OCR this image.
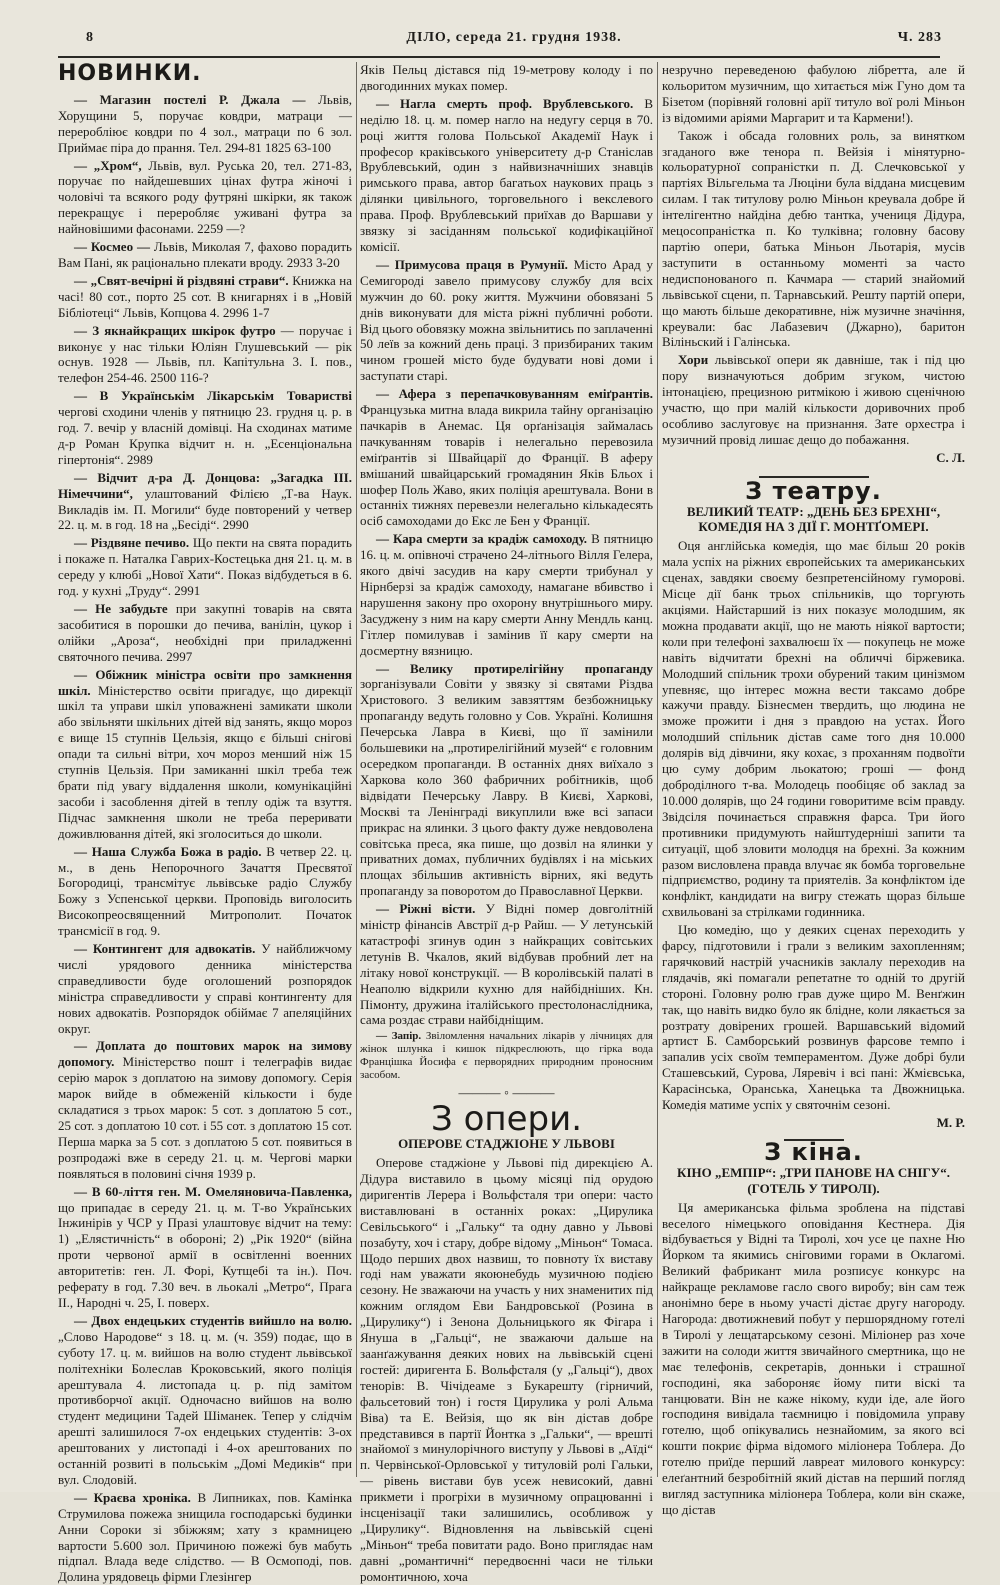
8	ДІЛО, середа 21. грудня 1938.	Ч. 283
НОВИНКИ.

— Магазин постелі Р. Джала — Львів, Хорущини 5, поручає ковдри, матраци — переробліює ковдри по 4 зол., матраци по 6 зол. Приймає піра до прання. Тел. 294-81 1825 63-100

— „Хром“, Львів, вул. Руська 20, тел. 271-83, поручає по найдешевших цінах футра жіночі і чоловічі та всякого роду футряні шкірки, як також перекращує і переробляє уживані футра за найновішими фасонами. 2259 —?

— Космео — Львів, Миколая 7, фахово порадить Вам Пані, як раціонально плекати вроду. 2933 3-20

— „Свят-вечірні й різдвяні страви“. Книжка на часі! 80 сот., порто 25 сот. В книгарнях і в „Новій Бібліотеці“ Львів, Копцова 4. 2996 1-7

— З якнайкращих шкірок футро — поручає і виконує у нас тільки Юліян Глушевський — рік оснув. 1928 — Львів, пл. Капітульна 3. І. пов., телефон 254-46. 2500 116-?

— В Українськім Лікарськім Товаристві чергові сходини членів у пятницю 23. грудня ц. р. в год. 7. вечір у власній домівці. На сходинах матиме д-р Роман Крупка відчит н. н. „Есенціональна гіпертонія“. 2989

— Відчит д-ра Д. Донцова: „Загадка ІІІ. Німеччини“, улаштований Філією „Т-ва Наук. Викладів ім. П. Могили“ буде повторений у четвер 22. ц. м. в год. 18 на „Бесіді“. 2990

— Різдвяне печиво. Що пекти на свята порадить і покаже п. Наталка Гаврих-Костецька дня 21. ц. м. в середу у клюбі „Нової Хати“. Показ відбудеться в 6. год. у кухні „Труду“. 2991

— Не забудьте при закупні товарів на свята засобитися в порошки до печива, ванілін, цукор і олійки „Ароза“, необхідні при приладженні святочного печива. 2997

— Обіжник міністра освіти про замкнення шкіл. Міністерство освіти пригадує, що дирекції шкіл та управи шкіл уповажнені замикати школи або звільняти шкільних дітей від занять, якщо мороз є вище 15 ступнів Цельзія, якщо є більші снігові опади та сильні вітри, хоч мороз менший ніж 15 ступнів Цельзія. При замиканні шкіл треба теж брати під увагу віддалення школи, комунікаційні засоби і засоблення дітей в теплу одіж та взуття. Підчас замкнення школи не треба переривати доживлювання дітей, які зголоситься до школи.

— Наша Служба Божа в радіо. В четвер 22. ц. м., в день Непорочного Зачаття Пресвятої Богородиці, трансмітує львівське радіо Службу Божу з Успенської церкви. Проповідь виголосить Високопреосвященний Митрополит. Початок трансмісії в год. 9.

— Контингент для адвокатів. У найближчому числі урядового денника міністерства справедливости буде оголошений розпорядок міністра справедливости у справі контингенту для нових адвокатів. Розпорядок обіймає 7 апеляційних округ.

— Доплата до поштових марок на зимову допомогу. Міністерство пошт і телеграфів видає серію марок з доплатою на зимову допомогу. Серія марок вийде в обмеженій кількости і буде складатися з трьох марок: 5 сот. з доплатою 5 сот., 25 сот. з доплатою 10 сот. і 55 сот. з доплатою 15 сот. Перша марка за 5 сот. з доплатою 5 сот. появиться в розпродажі вже в середу 21. ц. м. Чергові марки появляться в половині січня 1939 р.

— В 60-ліття ген. М. Омеляновича-Павленка, що припадає в середу 21. ц. м. Т-во Українських Інжинірів у ЧСР у Празі улаштовує відчит на тему: 1) „Елястичність“ в обороні; 2) „Рік 1920“ (війна проти червоної армії в освітленні военних авторитетів: ген. Л. Форі, Кутщебі та ін.). Поч. реферату в год. 7.30 веч. в льокалі „Метро“, Прага ІІ., Народні ч. 25, І. поверх.

— Двох ендецьких студентів вийшло на волю. „Слово Народове“ з 18. ц. м. (ч. 359) подає, що в суботу 17. ц. м. вийшов на волю студент львівської політехніки Болеслав Кроковський, якого поліція арештувала 4. листопада ц. р. під замітом противборчої акції. Одночасно вийшов на волю студент медицини Тадей Шіманек. Тепер у слідчім арешті залишилося 7-ох ендецьких студентів: 3-ох арештованих у листопаді і 4-ох арештованих по останній розвиті в польськім „Домі Медиків“ при вул. Слодовій.

— Краєва хроніка. В Липниках, пов. Камінка Струмилова пожежа знищила господарські будинки Анни Сороки зі збіжжям; хату з крамницею вартости 5.600 зол. Причиною пожежі був мабуть підпал. Влада веде слідство. — В Осмоподі, пов. Долина урядовець фірми Глезінгер

Яків Пельц дістався під 19-метрову колоду і по двогодинних муках помер.

— Нагла смерть проф. Врублевського. В неділю 18. ц. м. помер нагло на недугу серця в 70. році життя голова Польської Академії Наук і професор краківського університету д-р Станіслав Врублевський, один з найвизначніших знавців римського права, автор багатьох наукових праць з ділянки цивільного, торговельного і векслевого права. Проф. Врублевський приїхав до Варшави у звязку зі засіданням польської кодифікаційної комісії.

— Примусова праця в Румунії. Місто Арад у Семигороді завело примусову службу для всіх мужчин до 60. року життя. Мужчини обовязані 5 днів виконувати для міста ріжні публичні роботи. Від цього обовязку можна звільнитись по заплаченні 50 леїв за кожний день праці. З призбираних таким чином грошей місто буде будувати нові доми і заступати старі.

— Афера з перепачковуванням еміґрантів. Французька митна влада викрила тайну організацію пачкарів в Анемас. Ця орґанізація займалась пачкуванням товарів і нелегально перевозила еміґрантів зі Швайцарії до Франції. В аферу вмішаний швайцарський громадянин Яків Бльох і шофер Поль Жаво, яких поліція арештувала. Вони в останніх тижнях перевезли нелегально кількадесять осіб самоходами до Екс ле Бен у Франції.

— Кара смерти за крадіж самоходу. В пятницю 16. ц. м. опівночі страчено 24-літнього Вілля Гелера, якого двічі засудив на кару смерти трибунал у Нірнберзі за крадіж самоходу, намагане вбивство і нарушення закону про охорону внутрішнього миру. Засуджену з ним на кару смерти Анну Мендль канц. Гітлер помилував і замінив її кару смерти на досмертну вязницю.

— Велику протирелігійну пропаганду зорганізували Совіти у звязку зі святами Різдва Христового. З великим завзяттям безбожницьку пропаганду ведуть головно у Сов. Україні. Колишня Печерська Лавра в Києві, що її замінили большевики на „протирелігійний музей“ є головним осередком пропаганди. В останніх днях виїхало з Харкова коло 360 фабричних робітників, щоб відвідати Печерську Лавру. В Києві, Харкові, Москві та Ленінграді викуплили вже всі запаси прикрас на ялинки. З цього факту дуже невдоволена совітська преса, яка пише, що дозвіл на ялинки у приватних домах, публичних будівлях і на міських площах збільшив активність вірних, які ведуть пропаганду за поворотом до Православної Церкви.

— Ріжні вісти. У Відні помер довголітній міністр фінансів Австрії д-р Райш. — У летунській катастрофі згинув один з найкращих совітських летунів В. Чкалов, який відбував пробний лет на літаку нової конструкції. — В королівській палаті в Неаполю відкрили кухню для найбідніших. Кн. Пімонту, дружина італійського престолонаслідника, сама роздає страви найбідніщим.

— Запір. Звіломлення начальних лікарів у лічницях для жінок шлунка і кишок підкреслюють, що гірка вода Францішка Йосифа є перворядних природним проносним засобом.

——— ◦ ———
З опери.
ОПЕРОВЕ СТАДЖІОНЕ У ЛЬВОВІ

Оперове стаджіоне у Львові під дирекцією А. Дідура виставило в цьому місяці під орудою диригентів Лерера і Вольфсталя три опери: часто виставлювані в останніх роках: „Цирулика Севільського“ і „Гальку“ та одну давно у Львові позабуту, хоч і стару, добре відому „Міньон“ Томаса. Щодо перших двох назвиш, то повноту їх виставу годі нам уважати якоюнебудь музичною подією сезону. Не зважаючи на участь у них знаменитих під кожним оглядом Еви Бандровської (Розина в „Цирулику“) і Зенона Дольницького як Фігара і Януша в „Гальці“, не зважаючи дальше на заанґажування деяких нових на львівській сцені гостей: диригента Б. Вольфсталя (у „Гальці“), двох тенорів: В. Чічідеаме з Букарешту (гірничий, фальсетовий тон) і гостя Цирулика у ролі Альма Віва) та Е. Вейзія, що як він дістав добре представився в партії Йонтка з „Гальки“, — врешті знайомої з минулорічного виступу у Львові в „Аїді“ п. Червінської-Орловської у титуловій ролі Гальки, — рівень вистави був усеж невисокий, давні прикмети і прогріхи в музичному опрацюванні і інсценізації таки залишились, особливож у „Цирулику“. Відновлення на львівській сцені „Міньон“ треба повитати радо. Воно приглядає нам давні „романтичні“ передвоєнні часи не тільки ромонтичною, хоча

незручно переведеною фабулою лібретта, але й кольоритом музичним, що хитається між Гуно дом та Бізетом (порівняй головні арії титуло вої ролі Міньон із відомими аріями Маргарит и та Кармени!).

Також і обсада головних роль, за винятком згаданого вже тенора п. Вейзія і мінятурно-кольоратурної сопраністки п. Д. Слечковської у партіях Вільгельма та Люціни була віддана мисцевим силам. І так титулову ролю Міньон креувала добре й інтелігентно найдіна дебю тантка, учениця Дідура, мецосопраністка п. Ко тулківна; головну басову партію опери, батька Міньон Льотарія, мусів заступити в останньому моменті за часто недиспонованого п. Качмара — старий знайомий львівської сцени, п. Тарнавський. Решту партій опери, що мають більше декоративне, ніж музичне значіння, креували: бас Лабазевич (Джарно), баритон Віліньский і Галінська.

Хори львівської опери як давніше, так і під цю пору визначуються добрим згуком, чистою інтонацією, прецизною ритмікою і живою сценічною участю, що при малій кількости доривочних проб особливо заслуговує на признання. Зате орхестра і музичний провід лишає дещо до побажання.

С. Л.

З театру.
ВЕЛИКИЙ ТЕАТР: „ДЕНЬ БЕЗ БРЕХНІ“, КОМЕДІЯ НА 3 ДІЇ Г. МОНТҐОМЕРІ.

Оця англійська комедія, що має більш 20 років мала успіх на ріжних європейських та американських сценах, завдяки своєму безпретенсійному гуморові. Місце дії банк трьох спільників, що торгують акціями. Найстарший із них показує молодшим, як можна продавати акції, що не мають ніякої вартости; коли при телефоні захвалюєш їх — покупець не може навіть відчитати брехні на обличчі біржевика. Молодший спільник трохи обурений таким цинізмом упевняє, що інтерес можна вести таксамо добре кажучи правду. Бізнесмен твердить, що людина не зможе прожити і дня з правдою на устах. Його молодший спільник дістав саме того дня 10.000 долярів від дівчини, яку кохає, з проханням подвоїти цю суму добрим льокатою; гроші — фонд доброділного т-ва. Молодець пообіцяє об заклад за 10.000 долярів, що 24 години говоритиме всім правду. Звідсіля починається справжня фарса. Три його противники придумують найштудерніші запити та ситуації, щоб зловити молодця на брехні. За кожним разом висловлена правда влучає як бомба торговельне підприємство, родину та приятелів. За конфліктом іде конфлікт, кандидати на вигру стежать щораз більше схвильовані за стрілками годинника.

Цю комедію, що у деяких сценах переходить у фарсу, підготовили і грали з великим захопленням; гарячковий настрій учасників заклалу переходив на глядачів, які помагали репетатне то одній то другій стороні. Головну ролю грав дуже щиро М. Венґжин так, що навіть видко було як блідне, коли лякається за розтрату довірених грошей. Варшавський відомий артист Б. Самборський розвинув фарсове темпо і запалив усіх своїм темпераментом. Дуже добрі були Сташевський, Сурова, Ляревіч і всі пані: Жмієвська, Карасінська, Оранська, Ханецька та Двожницька. Комедія матиме успіх у святочнім сезоні.

М. Р.

З кіна.
КІНО „ЕМПІР“: „ТРИ ПАНОВЕ НА СНІГУ“. (ГОТЕЛЬ У ТИРОЛІ).

Ця американська фільма зроблена на підставі веселого німецького оповідання Кестнера. Дія відбувається у Відні та Тиролі, хоч усе це пахне Ню Йорком та якимись сніговими горами в Оклагомі. Великий фабрикант мила розписує конкурс на найкраще рекламове гасло свого виробу; він сам теж анонімно бере в ньому участі дістає другу нагороду. Нагорода: двотижневий побут у першорядному готелі в Тиролі у лещатарському сезоні. Міліонер раз хоче зажити на солоди життя звичайного смертника, що не має телефонів, секретарів, донньки і страшної господині, яка забороняє йому пити віскі та танцювати. Він не каже нікому, куди іде, але його господиня вивідала таємницю і повідомила управу готелю, щоб опікувались незнайомим, за якого всі кошти покриє фірма відомого міліонера Тоблера. До готелю приїде перший лавреат милового конкурсу: елеґантний безробітній який дістав на перший погляд вигляд заступника міліонера Тоблера, коли він скаже, що дістав
